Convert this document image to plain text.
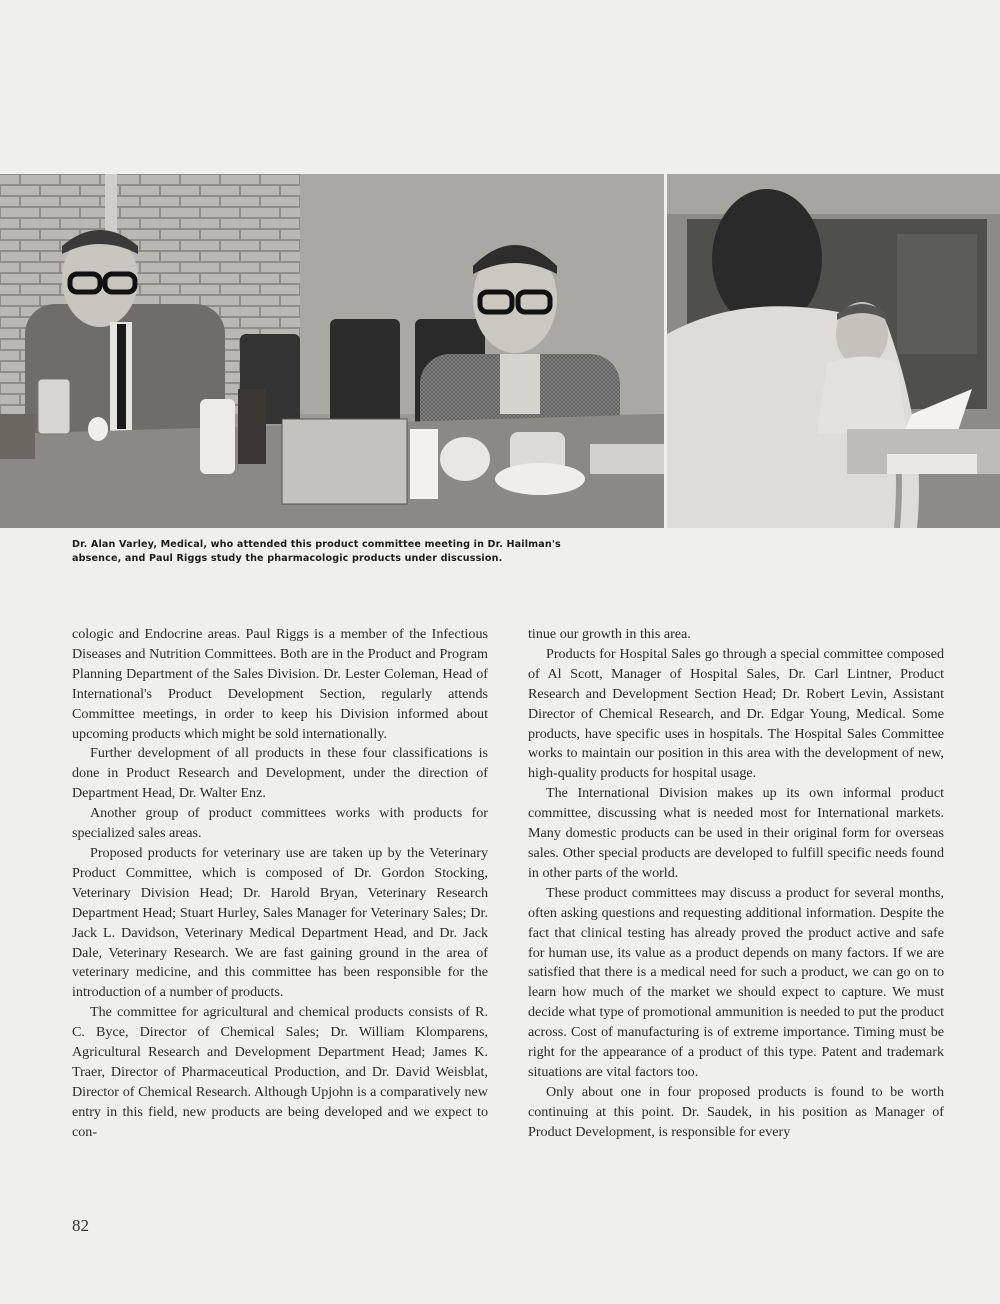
Dr. Alan Varley, Medical, who attended this product committee meeting in Dr. Hailman's
absence, and Paul Riggs study the pharmacologic products under discussion.

cologic and Endocrine areas. Paul Riggs is a member of the Infectious Diseases and Nutrition Committees. Both are in the Product and Program Planning Department of the Sales Division. Dr. Lester Coleman, Head of International's Product Development Section, regularly attends Committee meetings, in order to keep his Division informed about upcoming products which might be sold internationally.

Further development of all products in these four classifications is done in Product Research and Development, under the direction of Department Head, Dr. Walter Enz.

Another group of product committees works with products for specialized sales areas.

Proposed products for veterinary use are taken up by the Veterinary Product Committee, which is composed of Dr. Gordon Stocking, Veterinary Division Head; Dr. Harold Bryan, Veterinary Research Department Head; Stuart Hurley, Sales Manager for Veterinary Sales; Dr. Jack L. Davidson, Veterinary Medical Department Head, and Dr. Jack Dale, Veterinary Research. We are fast gaining ground in the area of veterinary medicine, and this committee has been responsible for the introduction of a number of products.

The committee for agricultural and chemical products consists of R. C. Byce, Director of Chemical Sales; Dr. William Klomparens, Agricultural Research and Development Department Head; James K. Traer, Director of Pharmaceutical Production, and Dr. David Weisblat, Director of Chemical Research. Although Upjohn is a comparatively new entry in this field, new products are being developed and we expect to con-

tinue our growth in this area.

Products for Hospital Sales go through a special committee composed of Al Scott, Manager of Hospital Sales, Dr. Carl Lintner, Product Research and Development Section Head; Dr. Robert Levin, Assistant Director of Chemical Research, and Dr. Edgar Young, Medical. Some products, have specific uses in hospitals. The Hospital Sales Committee works to maintain our position in this area with the development of new, high-quality products for hospital usage.

The International Division makes up its own informal product committee, discussing what is needed most for International markets. Many domestic products can be used in their original form for overseas sales. Other special products are developed to fulfill specific needs found in other parts of the world.

These product committees may discuss a product for several months, often asking questions and requesting additional information. Despite the fact that clinical testing has already proved the product active and safe for human use, its value as a product depends on many factors. If we are satisfied that there is a medical need for such a product, we can go on to learn how much of the market we should expect to capture. We must decide what type of promotional ammunition is needed to put the product across. Cost of manufacturing is of extreme importance. Timing must be right for the appearance of a product of this type. Patent and trademark situations are vital factors too.

Only about one in four proposed products is found to be worth continuing at this point. Dr. Saudek, in his position as Manager of Product Development, is responsible for every

82
